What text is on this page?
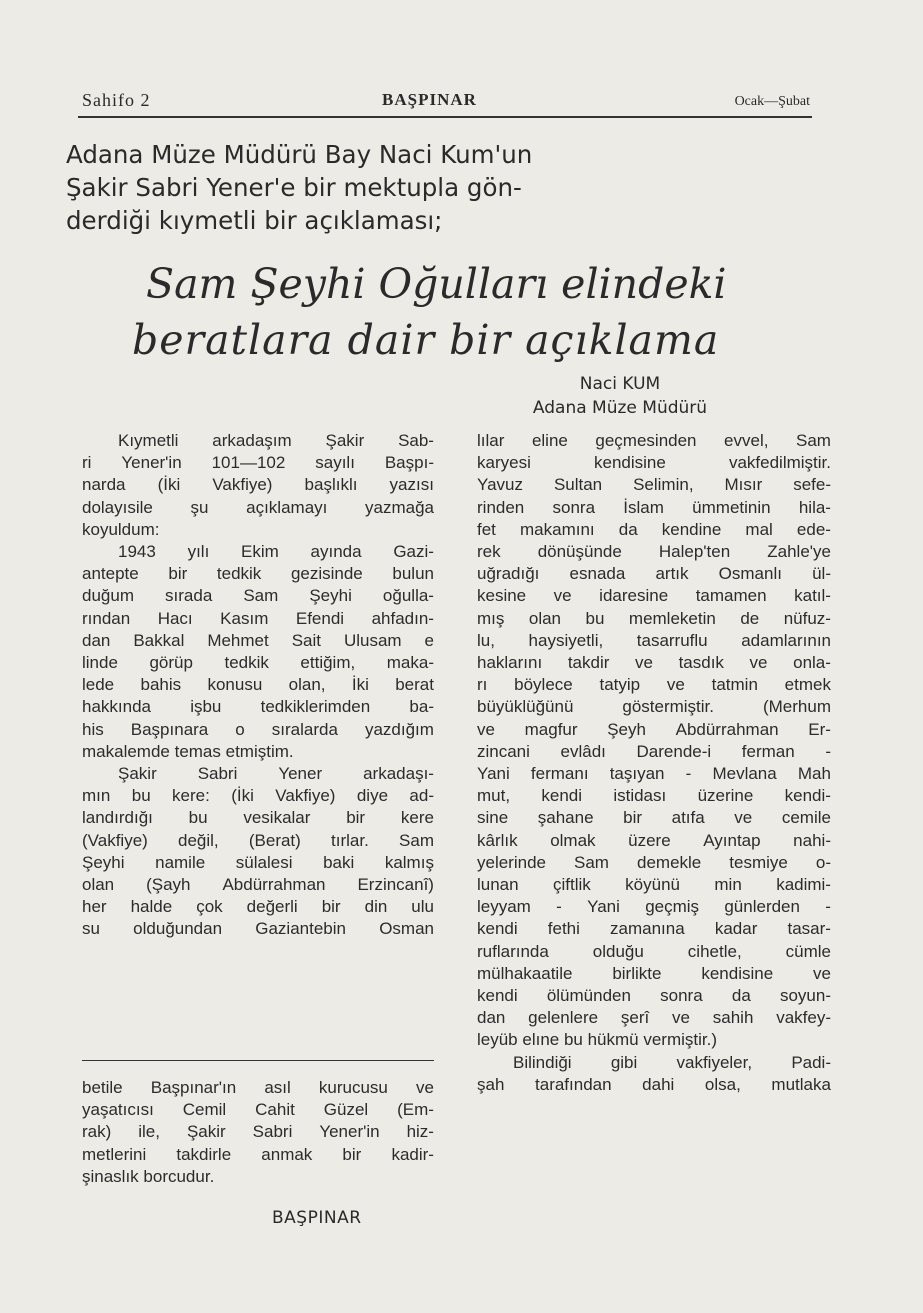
Sahifo 2	BAŞPINAR	Ocak—Şubat
Adana Müze Müdürü Bay Naci Kum'un
Şakir Sabri Yener'e bir mektupla gön-
derdiği kıymetli bir açıklaması;
Sam Şeyhi Oğulları elindeki
beratlara dair bir açıklama
Naci KUM
Adana Müze Müdürü
Kıymetli arkadaşım Şakir Sab-
ri Yener'in 101—102 sayılı Başpı-
narda (İki Vakfiye) başlıklı yazısı
dolayısile şu açıklamayı yazmağa
koyuldum:
1943 yılı Ekim ayında Gazi-
antepte bir tedkik gezisinde bulun
duğum sırada Sam Şeyhi oğulla-
rından Hacı Kasım Efendi ahfadın-
dan Bakkal Mehmet Sait Ulusam e
linde görüp tedkik ettiğim, maka-
lede bahis konusu olan, İki berat
hakkında işbu tedkiklerimden ba-
his Başpınara o sıralarda yazdığım
makalemde temas etmiştim.
Şakir Sabri Yener arkadaşı-
mın bu kere: (İki Vakfiye) diye ad-
landırdığı bu vesikalar bir kere
(Vakfiye) değil, (Berat) tırlar. Sam
Şeyhi namile sülalesi baki kalmış
olan (Şayh Abdürrahman Erzincanî)
her halde çok değerli bir din ulu
su olduğundan Gaziantebin Osman
betile Başpınar'ın asıl kurucusu ve
yaşatıcısı Cemil Cahit Güzel (Em-
rak) ile, Şakir Sabri Yener'in hiz-
metlerini takdirle anmak bir kadir-
şinaslık borcudur.
BAŞPINAR
lılar eline geçmesinden evvel, Sam
karyesi	kendisine	vakfedilmiştir.
Yavuz Sultan Selimin, Mısır sefe-
rinden sonra İslam ümmetinin hila-
fet makamını da kendine mal ede-
rek dönüşünde Halep'ten Zahle'ye
uğradığı esnada artık Osmanlı ül-
kesine ve idaresine tamamen katıl-
mış olan bu memleketin de nüfuz-
lu, haysiyetli, tasarruflu adamlarının
haklarını takdir ve tasdık ve onla-
rı böylece tatyip ve tatmin etmek
büyüklüğünü	göstermiştir.	(Merhum
ve magfur Şeyh Abdürrahman Er-
zincani evlâdı Darende-i ferman -
Yani fermanı taşıyan - Mevlana Mah
mut, kendi istidası üzerine kendi-
sine şahane bir atıfa ve cemile
kârlık olmak üzere Ayıntap nahi-
yelerinde Sam demekle tesmiye o-
lunan çiftlik köyünü min kadimi-
leyyam - Yani geçmiş günlerden -
kendi fethi zamanına kadar tasar-
ruflarında	olduğu	cihetle,	cümle
mülhakaatile birlikte kendisine ve
kendi ölümünden sonra da soyun-
dan gelenlere şerî ve sahih vakfey-
leyüb elıne bu hükmü vermiştir.)
Bilindiği gibi vakfiyeler, Padi-
şah tarafından dahi olsa, mutlaka
